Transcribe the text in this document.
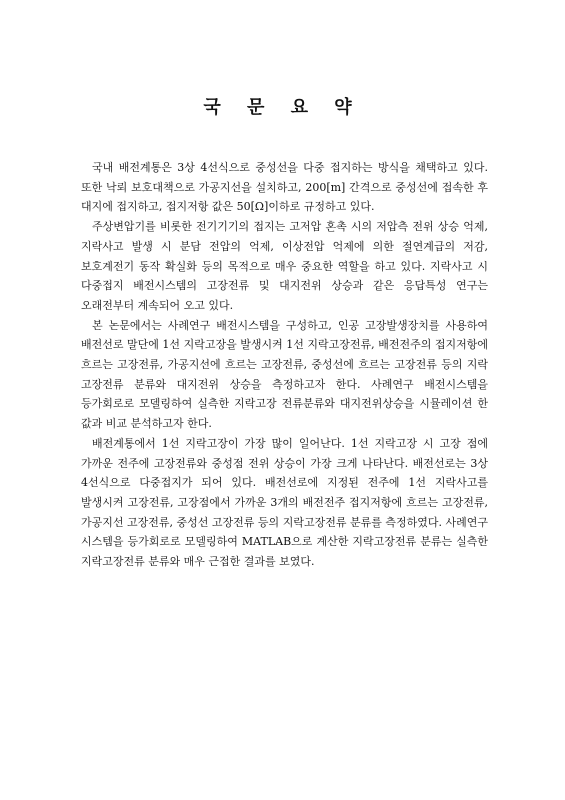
국 문 요 약

국내 배전계통은 3상 4선식으로 중성선을 다중 접지하는 방식을 채택하고 있다. 또한 낙뢰 보호대책으로 가공지선을 설치하고, 200[m] 간격으로 중성선에 접속한 후 대지에 접지하고, 접지저항 값은 50[Ω]이하로 규정하고 있다.

주상변압기를 비롯한 전기기기의 접지는 고저압 혼촉 시의 저압측 전위 상승 억제, 지락사고 발생 시 분담 전압의 억제, 이상전압 억제에 의한 절연계급의 저감, 보호계전기 동작 확실화 등의 목적으로 매우 중요한 역할을 하고 있다. 지락사고 시 다중접지 배전시스템의 고장전류 및 대지전위 상승과 같은 응답특성 연구는 오래전부터 계속되어 오고 있다.

본 논문에서는 사례연구 배전시스템을 구성하고, 인공 고장발생장치를 사용하여 배전선로 말단에 1선 지락고장을 발생시켜 1선 지락고장전류, 배전전주의 접지저항에 흐르는 고장전류, 가공지선에 흐르는 고장전류, 중성선에 흐르는 고장전류 등의 지락 고장전류 분류와 대지전위 상승을 측정하고자 한다. 사례연구 배전시스템을 등가회로로 모델링하여 실측한 지락고장 전류분류와 대지전위상승을 시뮬레이션 한 값과 비교 분석하고자 한다.

배전계통에서 1선 지락고장이 가장 많이 일어난다. 1선 지락고장 시 고장 점에 가까운 전주에 고장전류와 중성점 전위 상승이 가장 크게 나타난다. 배전선로는 3상 4선식으로 다중접지가 되어 있다. 배전선로에 지정된 전주에 1선 지락사고를 발생시켜 고장전류, 고장점에서 가까운 3개의 배전전주 접지저항에 흐르는 고장전류, 가공지선 고장전류, 중성선 고장전류 등의 지락고장전류 분류를 측정하였다. 사례연구 시스템을 등가회로로 모델링하여 MATLAB으로 계산한 지락고장전류 분류는 실측한 지락고장전류 분류와 매우 근접한 결과를 보였다.
